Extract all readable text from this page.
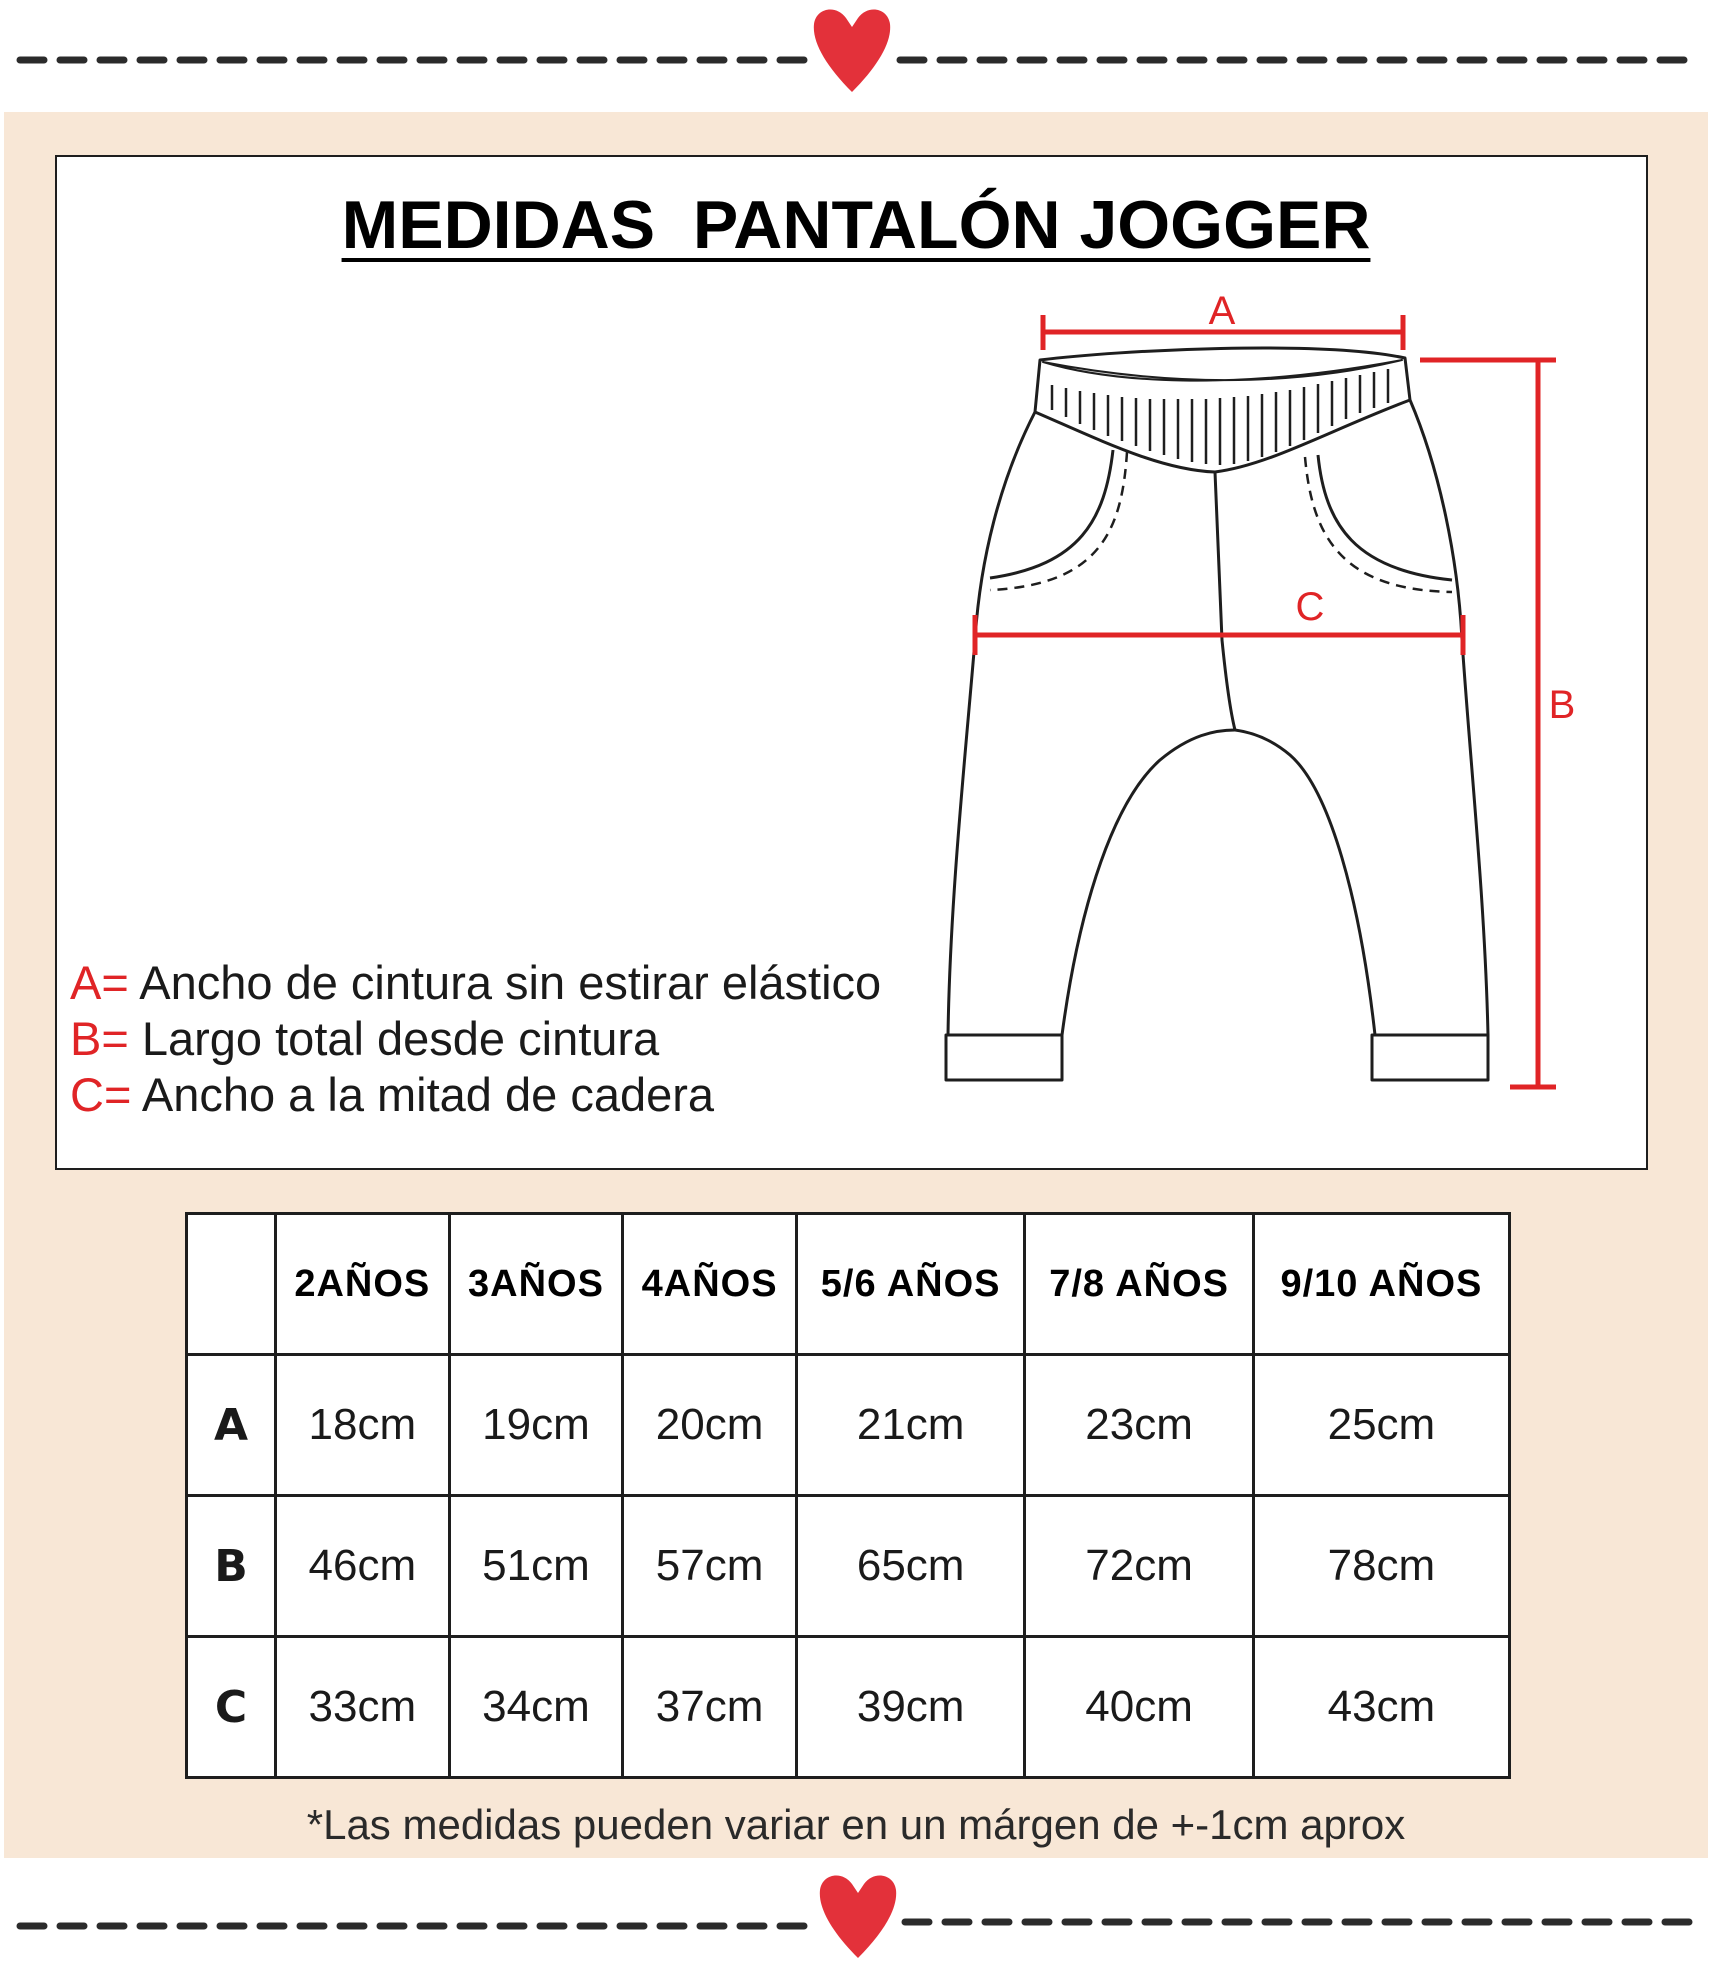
MEDIDAS  PANTALÓN JOGGER
A
C
B
A= Ancho de cintura sin estirar elástico
B= Largo total desde cintura
C= Ancho a la mitad de cadera
	2AÑOS	3AÑOS	4AÑOS	5/6 AÑOS	7/8 AÑOS	9/10 AÑOS
A	18cm	19cm	20cm	21cm	23cm	25cm
B	46cm	51cm	57cm	65cm	72cm	78cm
C	33cm	34cm	37cm	39cm	40cm	43cm
*Las medidas pueden variar en un márgen de +-1cm aprox
